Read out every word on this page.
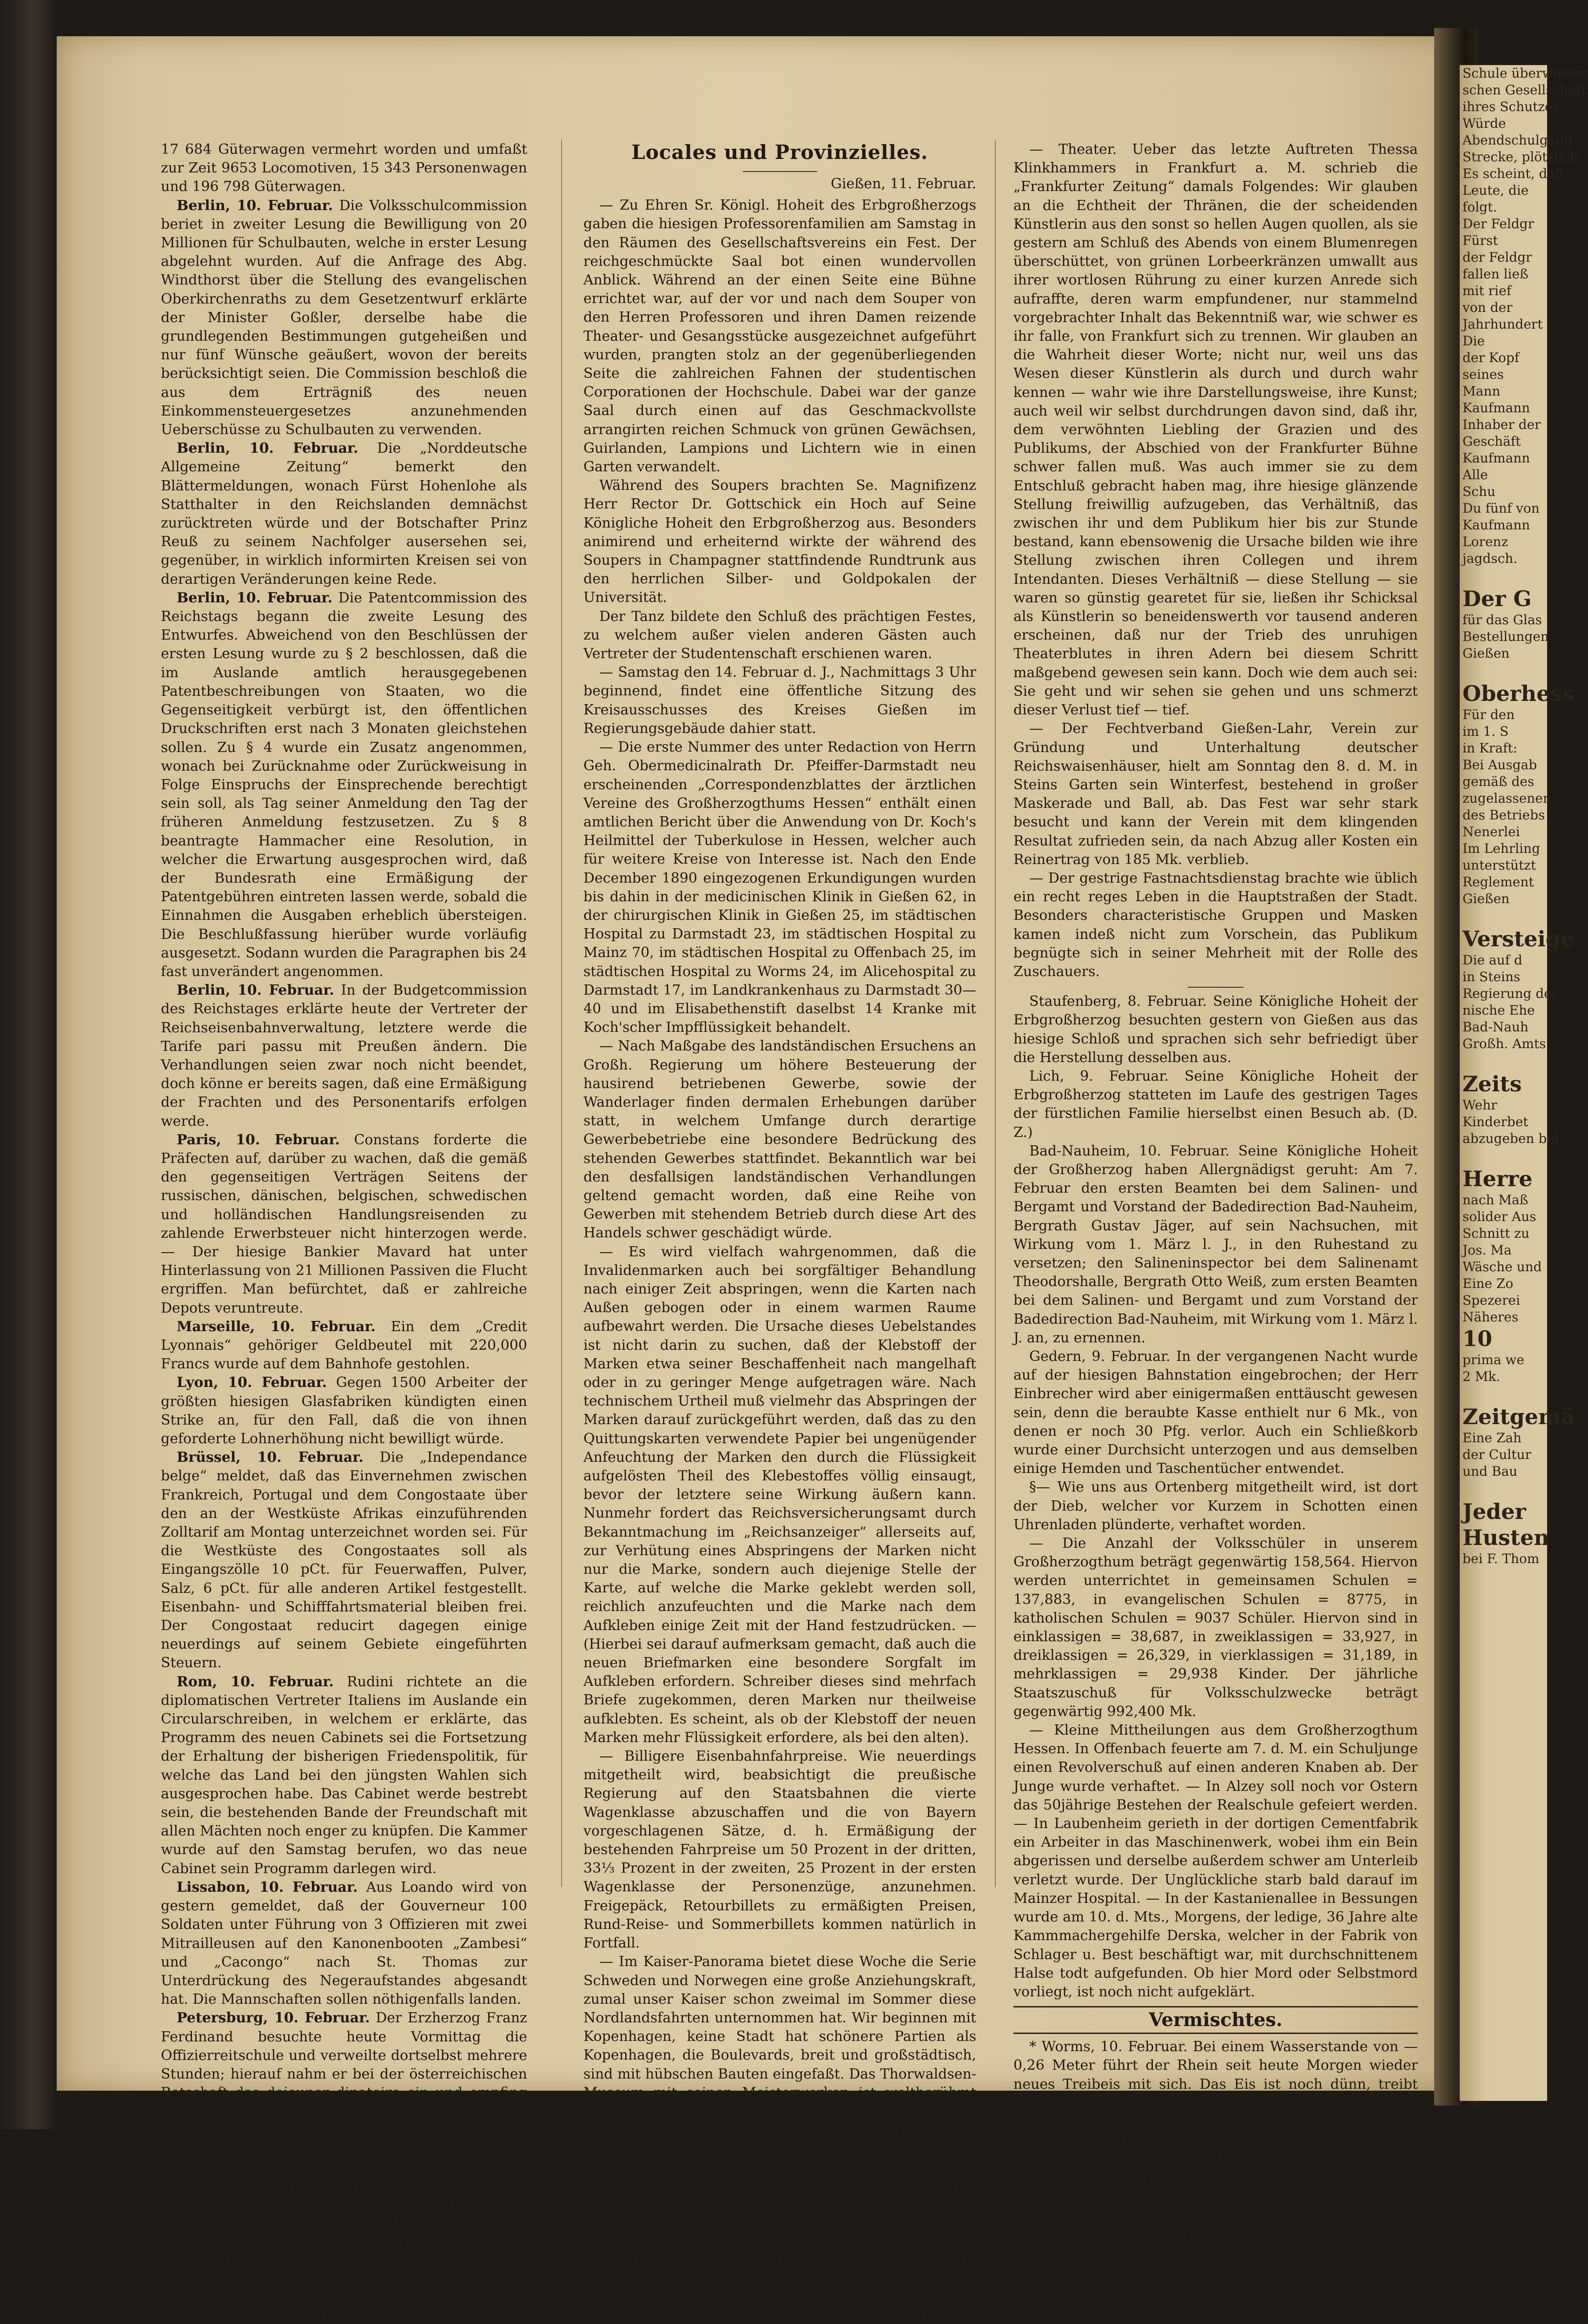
Schule überwiesen
schen Gesellschaft
ihres Schutzes
Würde
Abendschulgang
Strecke, plötzlich
Es scheint, daß
Leute, die
folgt.
Der Feldgr
Fürst
der Feldgr
fallen ließ
mit rief
von der
Jahrhundert
Die
der Kopf
seines
Mann
Kaufmann
Inhaber der
Geschäft
Kaufmann
Alle
Schu
Du fünf von
Kaufmann
Lorenz
jagdsch.
Der G
für das Glas
Bestellungen
Gießen
Oberhess
Für den
im 1. S
in Kraft:
Bei Ausgab
gemäß des
zugelassenen
des Betriebs
Nenerlei
Im Lehrling
unterstützt
Reglement
Gießen
Versteige
Die auf d
in Steins
Regierung der
nische Ehe
Bad-Nauh
Großh. Amts
Zeits
Wehr
Kinderbet
abzugeben bei
Herre
nach Maß
solider Aus
Schnitt zu
Jos. Ma
Wäsche und
Eine Zo
Spezerei
Näheres
10
prima we
2 Mk.
Zeitgemä
Eine Zah
der Cultur
und Bau
Jeder
Husten
bei F. Thom

17 684 Güterwagen vermehrt worden und umfaßt zur Zeit 9653 Locomotiven, 15 343 Personenwagen und 196 798 Güterwagen.

Berlin, 10. Februar. Die Volksschulcommission beriet in zweiter Lesung die Bewilligung von 20 Millionen für Schulbauten, welche in erster Lesung abgelehnt wurden. Auf die Anfrage des Abg. Windthorst über die Stellung des evangelischen Oberkirchenraths zu dem Gesetzentwurf erklärte der Minister Goßler, derselbe habe die grundlegenden Bestimmungen gutgeheißen und nur fünf Wünsche geäußert, wovon der bereits berücksichtigt seien. Die Commission beschloß die aus dem Erträgniß des neuen Einkommensteuergesetzes anzunehmenden Ueberschüsse zu Schulbauten zu verwenden.

Berlin, 10. Februar. Die „Norddeutsche Allgemeine Zeitung“ bemerkt den Blättermeldungen, wonach Fürst Hohenlohe als Statthalter in den Reichslanden demnächst zurücktreten würde und der Botschafter Prinz Reuß zu seinem Nachfolger ausersehen sei, gegenüber, in wirklich informirten Kreisen sei von derartigen Veränderungen keine Rede.

Berlin, 10. Februar. Die Patentcommission des Reichstags begann die zweite Lesung des Entwurfes. Abweichend von den Beschlüssen der ersten Lesung wurde zu § 2 beschlossen, daß die im Auslande amtlich herausgegebenen Patentbeschreibungen von Staaten, wo die Gegenseitigkeit verbürgt ist, den öffentlichen Druckschriften erst nach 3 Monaten gleichstehen sollen. Zu § 4 wurde ein Zusatz angenommen, wonach bei Zurücknahme oder Zurückweisung in Folge Einspruchs der Einsprechende berechtigt sein soll, als Tag seiner Anmeldung den Tag der früheren Anmeldung festzusetzen. Zu § 8 beantragte Hammacher eine Resolution, in welcher die Erwartung ausgesprochen wird, daß der Bundesrath eine Ermäßigung der Patentgebühren eintreten lassen werde, sobald die Einnahmen die Ausgaben erheblich übersteigen. Die Beschlußfassung hierüber wurde vorläufig ausgesetzt. Sodann wurden die Paragraphen bis 24 fast unverändert angenommen.

Berlin, 10. Februar. In der Budgetcommission des Reichstages erklärte heute der Vertreter der Reichseisenbahnverwaltung, letztere werde die Tarife pari passu mit Preußen ändern. Die Verhandlungen seien zwar noch nicht beendet, doch könne er bereits sagen, daß eine Ermäßigung der Frachten und des Personentarifs erfolgen werde.

Paris, 10. Februar. Constans forderte die Präfecten auf, darüber zu wachen, daß die gemäß den gegenseitigen Verträgen Seitens der russischen, dänischen, belgischen, schwedischen und holländischen Handlungsreisenden zu zahlende Erwerbsteuer nicht hinterzogen werde. — Der hiesige Bankier Mavard hat unter Hinterlassung von 21 Millionen Passiven die Flucht ergriffen. Man befürchtet, daß er zahlreiche Depots veruntreute.

Marseille, 10. Februar. Ein dem „Credit Lyonnais“ gehöriger Geldbeutel mit 220,000 Francs wurde auf dem Bahnhofe gestohlen.

Lyon, 10. Februar. Gegen 1500 Arbeiter der größten hiesigen Glasfabriken kündigten einen Strike an, für den Fall, daß die von ihnen geforderte Lohnerhöhung nicht bewilligt würde.

Brüssel, 10. Februar. Die „Independance belge“ meldet, daß das Einvernehmen zwischen Frankreich, Portugal und dem Congostaate über den an der Westküste Afrikas einzuführenden Zolltarif am Montag unterzeichnet worden sei. Für die Westküste des Congostaates soll als Eingangszölle 10 pCt. für Feuerwaffen, Pulver, Salz, 6 pCt. für alle anderen Artikel festgestellt. Eisenbahn- und Schifffahrtsmaterial bleiben frei. Der Congostaat reducirt dagegen einige neuerdings auf seinem Gebiete eingeführten Steuern.

Rom, 10. Februar. Rudini richtete an die diplomatischen Vertreter Italiens im Auslande ein Circularschreiben, in welchem er erklärte, das Programm des neuen Cabinets sei die Fortsetzung der Erhaltung der bisherigen Friedenspolitik, für welche das Land bei den jüngsten Wahlen sich ausgesprochen habe. Das Cabinet werde bestrebt sein, die bestehenden Bande der Freundschaft mit allen Mächten noch enger zu knüpfen. Die Kammer wurde auf den Samstag berufen, wo das neue Cabinet sein Programm darlegen wird.

Lissabon, 10. Februar. Aus Loando wird von gestern gemeldet, daß der Gouverneur 100 Soldaten unter Führung von 3 Offizieren mit zwei Mitrailleusen auf den Kanonenbooten „Zambesi“ und „Cacongo“ nach St. Thomas zur Unterdrückung des Negeraufstandes abgesandt hat. Die Mannschaften sollen nöthigenfalls landen.

Petersburg, 10. Februar. Der Erzherzog Franz Ferdinand besuchte heute Vormittag die Offizierreitschule und verweilte dortselbst mehrere Stunden; hierauf nahm er bei der österreichischen Botschaft das dejeuner dinatoire ein und empfing das diplomatische Corps. Nach dem Diner bei dem Großfürstenpaare Sergius Alexandrowitsch beabsichtigt der Erzherzog, heute unweit Petersburg sich zur Bärenjagd zu begeben.

Montevideo, 10. Februar. Drei chilenische Kriegsschiffe sagten sich von den Aufständischen los und trafen auf der hiesigen Rhede ein.

Washington, 10. Februar. Der Abgeordnete Geary hat im Repräsentantenhause einen Gesetzentwurf betreffend die freie Prägung des in den Vereinigten Staaten gewonnenen Silbers eingebracht. Das Mitglied des Comités für

Locales und Provinzielles.
Gießen, 11. Februar.

— Zu Ehren Sr. Königl. Hoheit des Erbgroßherzogs gaben die hiesigen Professorenfamilien am Samstag in den Räumen des Gesellschaftsvereins ein Fest. Der reichgeschmückte Saal bot einen wundervollen Anblick. Während an der einen Seite eine Bühne errichtet war, auf der vor und nach dem Souper von den Herren Professoren und ihren Damen reizende Theater- und Gesangsstücke ausgezeichnet aufgeführt wurden, prangten stolz an der gegenüberliegenden Seite die zahlreichen Fahnen der studentischen Corporationen der Hochschule. Dabei war der ganze Saal durch einen auf das Geschmackvollste arrangirten reichen Schmuck von grünen Gewächsen, Guirlanden, Lampions und Lichtern wie in einen Garten verwandelt.

Während des Soupers brachten Se. Magnifizenz Herr Rector Dr. Gottschick ein Hoch auf Seine Königliche Hoheit den Erbgroßherzog aus. Besonders animirend und erheiternd wirkte der während des Soupers in Champagner stattfindende Rundtrunk aus den herrlichen Silber- und Goldpokalen der Universität.

Der Tanz bildete den Schluß des prächtigen Festes, zu welchem außer vielen anderen Gästen auch Vertreter der Studentenschaft erschienen waren.

— Samstag den 14. Februar d. J., Nachmittags 3 Uhr beginnend, findet eine öffentliche Sitzung des Kreisausschusses des Kreises Gießen im Regierungsgebäude dahier statt.

— Die erste Nummer des unter Redaction von Herrn Geh. Obermedicinalrath Dr. Pfeiffer-Darmstadt neu erscheinenden „Correspondenzblattes der ärztlichen Vereine des Großherzogthums Hessen“ enthält einen amtlichen Bericht über die Anwendung von Dr. Koch's Heilmittel der Tuberkulose in Hessen, welcher auch für weitere Kreise von Interesse ist. Nach den Ende December 1890 eingezogenen Erkundigungen wurden bis dahin in der medicinischen Klinik in Gießen 62, in der chirurgischen Klinik in Gießen 25, im städtischen Hospital zu Darmstadt 23, im städtischen Hospital zu Mainz 70, im städtischen Hospital zu Offenbach 25, im städtischen Hospital zu Worms 24, im Alicehospital zu Darmstadt 17, im Landkrankenhaus zu Darmstadt 30—40 und im Elisabethenstift daselbst 14 Kranke mit Koch'scher Impfflüssigkeit behandelt.

— Nach Maßgabe des landständischen Ersuchens an Großh. Regierung um höhere Besteuerung der hausirend betriebenen Gewerbe, sowie der Wanderlager finden dermalen Erhebungen darüber statt, in welchem Umfange durch derartige Gewerbebetriebe eine besondere Bedrückung des stehenden Gewerbes stattfindet. Bekanntlich war bei den desfallsigen landständischen Verhandlungen geltend gemacht worden, daß eine Reihe von Gewerben mit stehendem Betrieb durch diese Art des Handels schwer geschädigt würde.

— Es wird vielfach wahrgenommen, daß die Invalidenmarken auch bei sorgfältiger Behandlung nach einiger Zeit abspringen, wenn die Karten nach Außen gebogen oder in einem warmen Raume aufbewahrt werden. Die Ursache dieses Uebelstandes ist nicht darin zu suchen, daß der Klebstoff der Marken etwa seiner Beschaffenheit nach mangelhaft oder in zu geringer Menge aufgetragen wäre. Nach technischem Urtheil muß vielmehr das Abspringen der Marken darauf zurückgeführt werden, daß das zu den Quittungskarten verwendete Papier bei ungenügender Anfeuchtung der Marken den durch die Flüssigkeit aufgelösten Theil des Klebestoffes völlig einsaugt, bevor der letztere seine Wirkung äußern kann. Nunmehr fordert das Reichsversicherungsamt durch Bekanntmachung im „Reichsanzeiger“ allerseits auf, zur Verhütung eines Abspringens der Marken nicht nur die Marke, sondern auch diejenige Stelle der Karte, auf welche die Marke geklebt werden soll, reichlich anzufeuchten und die Marke nach dem Aufkleben einige Zeit mit der Hand festzudrücken. — (Hierbei sei darauf aufmerksam gemacht, daß auch die neuen Briefmarken eine besondere Sorgfalt im Aufkleben erfordern. Schreiber dieses sind mehrfach Briefe zugekommen, deren Marken nur theilweise aufklebten. Es scheint, als ob der Klebstoff der neuen Marken mehr Flüssigkeit erfordere, als bei den alten).

— Billigere Eisenbahnfahrpreise. Wie neuerdings mitgetheilt wird, beabsichtigt die preußische Regierung auf den Staatsbahnen die vierte Wagenklasse abzuschaffen und die von Bayern vorgeschlagenen Sätze, d. h. Ermäßigung der bestehenden Fahrpreise um 50 Prozent in der dritten, 33⅓ Prozent in der zweiten, 25 Prozent in der ersten Wagenklasse der Personenzüge, anzunehmen. Freigepäck, Retourbillets zu ermäßigten Preisen, Rund-Reise- und Sommerbillets kommen natürlich in Fortfall.

— Im Kaiser-Panorama bietet diese Woche die Serie Schweden und Norwegen eine große Anziehungskraft, zumal unser Kaiser schon zweimal im Sommer diese Nordlandsfahrten unternommen hat. Wir beginnen mit Kopenhagen, keine Stadt hat schönere Partien als Kopenhagen, die Boulevards, breit und großstädtisch, sind mit hübschen Bauten eingefaßt. Das Thorwaldsen-Museum mit seinen Meisterwerken ist weltberühmt und Tausende sehen sich Jahr für Jahr die Sehenswürdigkeiten an, ferner ist berühmt die Frauenkirche sowie das Rosenbergerschloß. Schloß Frederiksburg, die Residenz des Königs, hat eine anmuthige Lage. Sodann machen wir einen Ausflug nach dem schönen Sund und der Fyen Insel, kommen nach Odensee, sodann nach Schweden, wo wir die schöne Stadt Göthenburg mit ihren großartigen Wasserfällen, Trollhätta-Fall sehen, dieses aber stellt das Panorama in naturgetreuer Farbenpracht und Plastik dar. Sodann erwähnen wir noch Stockholm, Malmö, Christiania; das Land der Mitternachtssonne

— Theater. Ueber das letzte Auftreten Thessa Klinkhammers in Frankfurt a. M. schrieb die „Frankfurter Zeitung“ damals Folgendes: Wir glauben an die Echtheit der Thränen, die der scheidenden Künstlerin aus den sonst so hellen Augen quollen, als sie gestern am Schluß des Abends von einem Blumenregen überschüttet, von grünen Lorbeerkränzen umwallt aus ihrer wortlosen Rührung zu einer kurzen Anrede sich aufraffte, deren warm empfundener, nur stammelnd vorgebrachter Inhalt das Bekenntniß war, wie schwer es ihr falle, von Frankfurt sich zu trennen. Wir glauben an die Wahrheit dieser Worte; nicht nur, weil uns das Wesen dieser Künstlerin als durch und durch wahr kennen — wahr wie ihre Darstellungsweise, ihre Kunst; auch weil wir selbst durchdrungen davon sind, daß ihr, dem verwöhnten Liebling der Grazien und des Publikums, der Abschied von der Frankfurter Bühne schwer fallen muß. Was auch immer sie zu dem Entschluß gebracht haben mag, ihre hiesige glänzende Stellung freiwillig aufzugeben, das Verhältniß, das zwischen ihr und dem Publikum hier bis zur Stunde bestand, kann ebensowenig die Ursache bilden wie ihre Stellung zwischen ihren Collegen und ihrem Intendanten. Dieses Verhältniß — diese Stellung — sie waren so günstig gearetet für sie, ließen ihr Schicksal als Künstlerin so beneidenswerth vor tausend anderen erscheinen, daß nur der Trieb des unruhigen Theaterblutes in ihren Adern bei diesem Schritt maßgebend gewesen sein kann. Doch wie dem auch sei: Sie geht und wir sehen sie gehen und uns schmerzt dieser Verlust tief — tief.

— Der Fechtverband Gießen-Lahr, Verein zur Gründung und Unterhaltung deutscher Reichswaisenhäuser, hielt am Sonntag den 8. d. M. in Steins Garten sein Winterfest, bestehend in großer Maskerade und Ball, ab. Das Fest war sehr stark besucht und kann der Verein mit dem klingenden Resultat zufrieden sein, da nach Abzug aller Kosten ein Reinertrag von 185 Mk. verblieb.

— Der gestrige Fastnachtsdienstag brachte wie üblich ein recht reges Leben in die Hauptstraßen der Stadt. Besonders characteristische Gruppen und Masken kamen indeß nicht zum Vorschein, das Publikum begnügte sich in seiner Mehrheit mit der Rolle des Zuschauers.

Staufenberg, 8. Februar. Seine Königliche Hoheit der Erbgroßherzog besuchten gestern von Gießen aus das hiesige Schloß und sprachen sich sehr befriedigt über die Herstellung desselben aus.

Lich, 9. Februar. Seine Königliche Hoheit der Erbgroßherzog statteten im Laufe des gestrigen Tages der fürstlichen Familie hierselbst einen Besuch ab. (D. Z.)

Bad-Nauheim, 10. Februar. Seine Königliche Hoheit der Großherzog haben Allergnädigst geruht: Am 7. Februar den ersten Beamten bei dem Salinen- und Bergamt und Vorstand der Badedirection Bad-Nauheim, Bergrath Gustav Jäger, auf sein Nachsuchen, mit Wirkung vom 1. März l. J., in den Ruhestand zu versetzen; den Salineninspector bei dem Salinenamt Theodorshalle, Bergrath Otto Weiß, zum ersten Beamten bei dem Salinen- und Bergamt und zum Vorstand der Badedirection Bad-Nauheim, mit Wirkung vom 1. März l. J. an, zu ernennen.

Gedern, 9. Februar. In der vergangenen Nacht wurde auf der hiesigen Bahnstation eingebrochen; der Herr Einbrecher wird aber einigermaßen enttäuscht gewesen sein, denn die beraubte Kasse enthielt nur 6 Mk., von denen er noch 30 Pfg. verlor. Auch ein Schließkorb wurde einer Durchsicht unterzogen und aus demselben einige Hemden und Taschentücher entwendet.

§— Wie uns aus Ortenberg mitgetheilt wird, ist dort der Dieb, welcher vor Kurzem in Schotten einen Uhrenladen plünderte, verhaftet worden.

— Die Anzahl der Volksschüler in unserem Großherzogthum beträgt gegenwärtig 158,564. Hiervon werden unterrichtet in gemeinsamen Schulen = 137,883, in evangelischen Schulen = 8775, in katholischen Schulen = 9037 Schüler. Hiervon sind in einklassigen = 38,687, in zweiklassigen = 33,927, in dreiklassigen = 26,329, in vierklassigen = 31,189, in mehrklassigen = 29,938 Kinder. Der jährliche Staatszuschuß für Volksschulzwecke beträgt gegenwärtig 992,400 Mk.

— Kleine Mittheilungen aus dem Großherzogthum Hessen. In Offenbach feuerte am 7. d. M. ein Schuljunge einen Revolverschuß auf einen anderen Knaben ab. Der Junge wurde verhaftet. — In Alzey soll noch vor Ostern das 50jährige Bestehen der Realschule gefeiert werden. — In Laubenheim gerieth in der dortigen Cementfabrik ein Arbeiter in das Maschinenwerk, wobei ihm ein Bein abgerissen und derselbe außerdem schwer am Unterleib verletzt wurde. Der Unglückliche starb bald darauf im Mainzer Hospital. — In der Kastanienallee in Bessungen wurde am 10. d. Mts., Morgens, der ledige, 36 Jahre alte Kammmachergehilfe Derska, welcher in der Fabrik von Schlager u. Best beschäftigt war, mit durchschnittenem Halse todt aufgefunden. Ob hier Mord oder Selbstmord vorliegt, ist noch nicht aufgeklärt.

Vermischtes.

* Worms, 10. Februar. Bei einem Wasserstande von —0,26 Meter führt der Rhein seit heute Morgen wieder neues Treibeis mit sich. Das Eis ist noch dünn, treibt aber schon wieder in ziemlich dichter Menge vorüber. Heute Morgen zeigte das Thermometer 8 Grad Reaum. unter Null. Hält diese Kälte noch einige Zeit an, so steht zu erwarten, daß wir in Bälde die Verkehrsstörungen in neuer Auflage erleben. Heute nämlich wird schon befürchtet, daß die Schiffbrücke wieder abgefahren werden muß.

†† Kassel, 11. Februar. Der Sohn des türkischen Ministers Fuad Pascha Faid Mehemed ist der hiesigen Kriegs-
